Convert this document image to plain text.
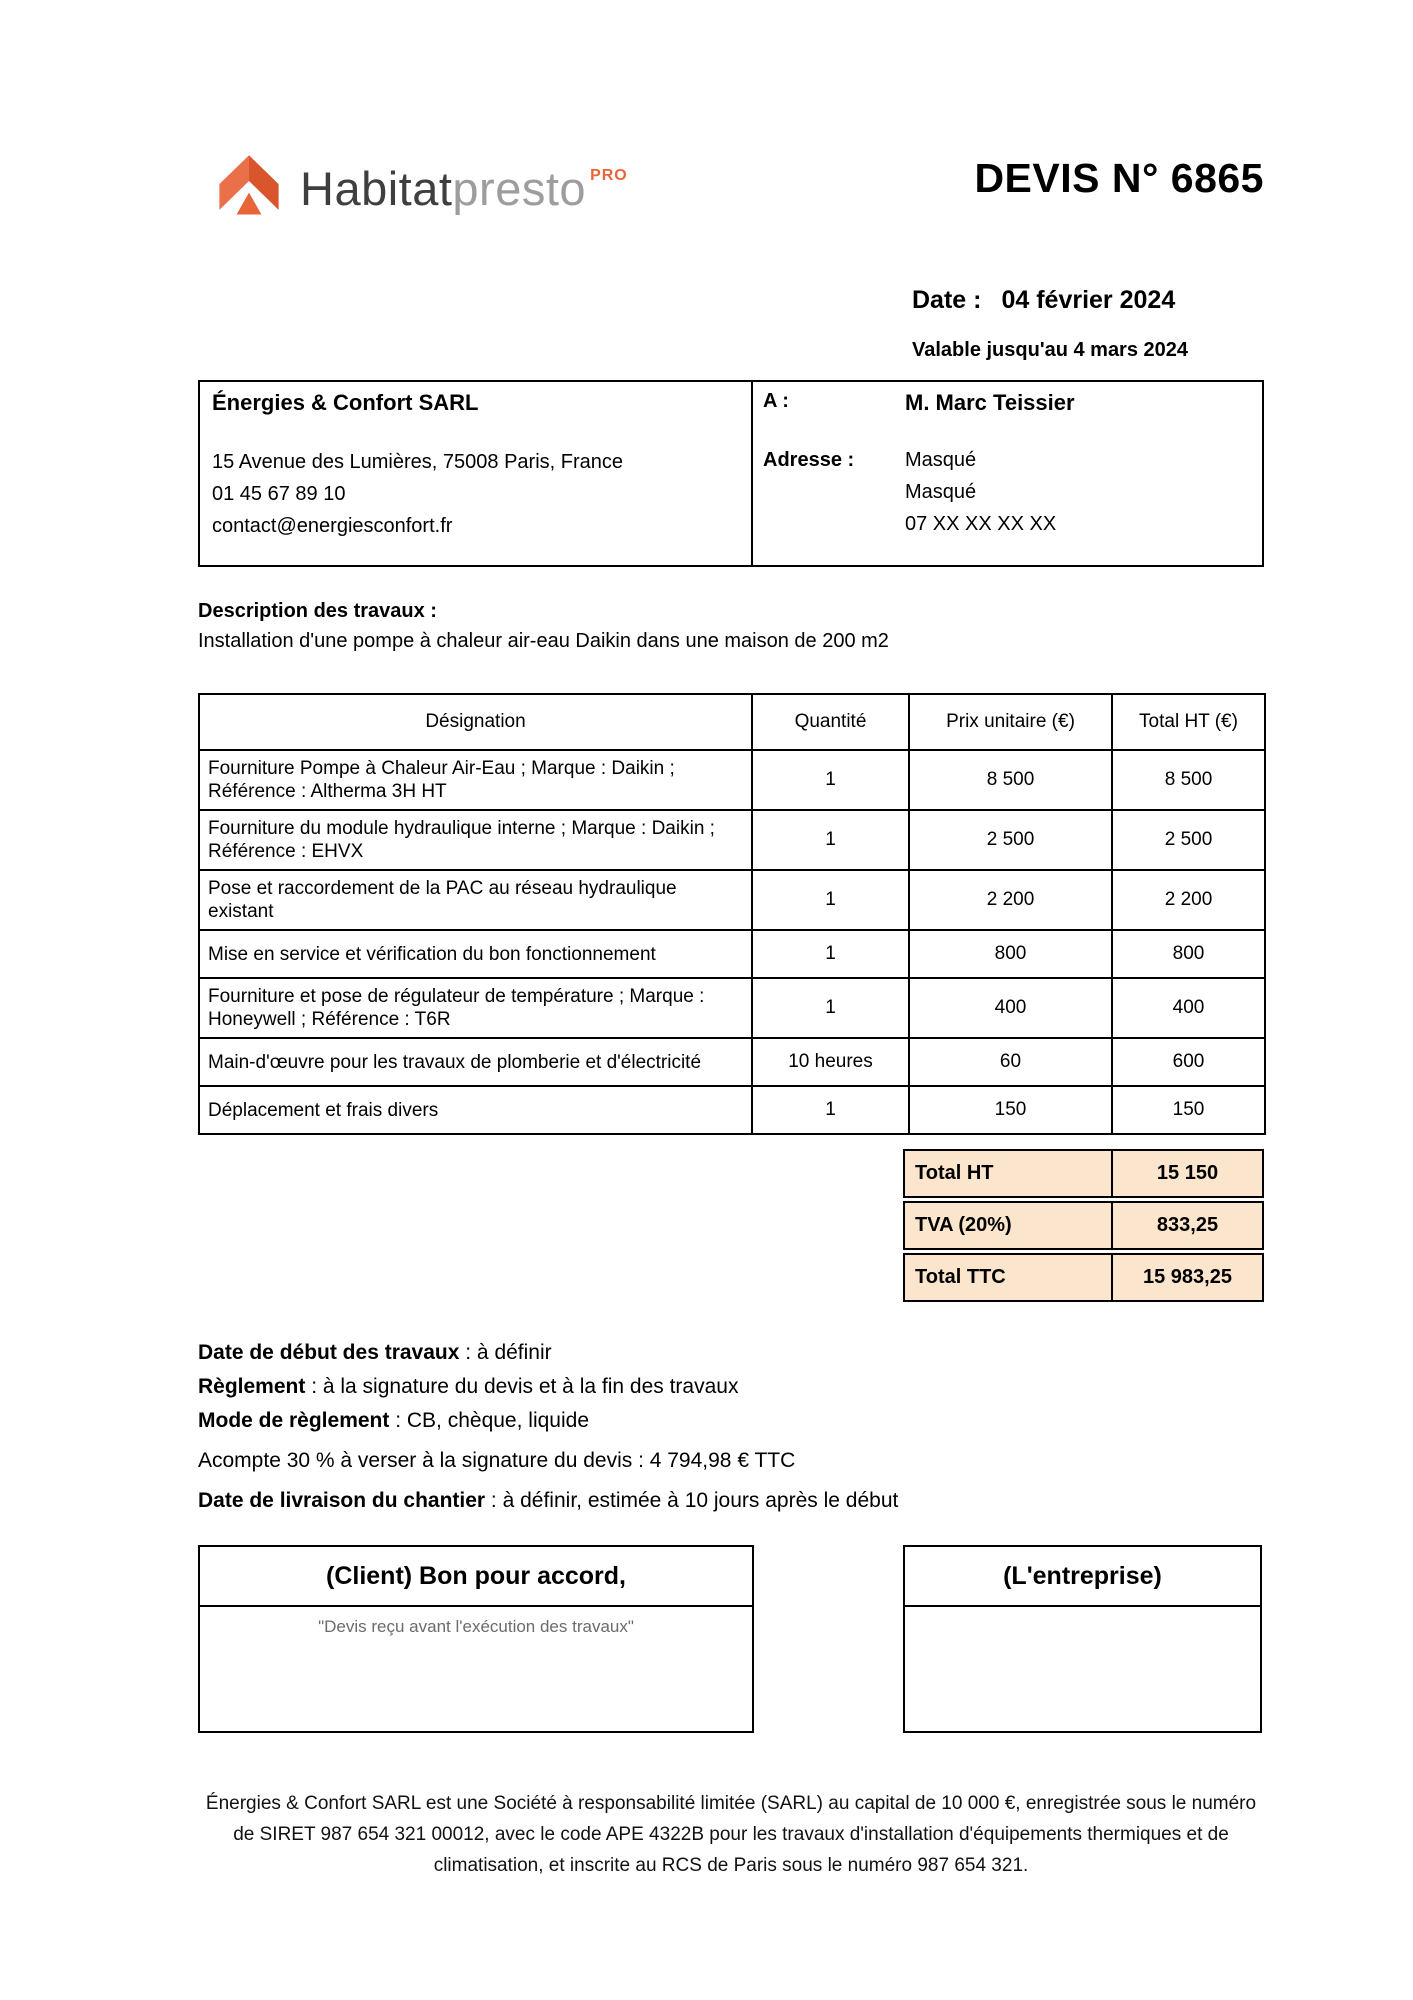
Habitat presto PRO	DEVIS N° 6865
Date : 04 février 2024
Valable jusqu'au 4 mars 2024
Énergies & Confort SARL
15 Avenue des Lumières, 75008 Paris, France
01 45 67 89 10
contact@energiesconfort.fr
A :	M. Marc Teissier
Adresse :	Masqué
Masqué
07 XX XX XX XX
Description des travaux :
Installation d'une pompe à chaleur air-eau Daikin dans une maison de 200 m2
Désignation	Quantité	Prix unitaire (€)	Total HT (€)
Fourniture Pompe à Chaleur Air-Eau ; Marque : Daikin ; Référence : Altherma 3H HT	1	8 500	8 500
Fourniture du module hydraulique interne ; Marque : Daikin ; Référence : EHVX	1	2 500	2 500
Pose et raccordement de la PAC au réseau hydraulique existant	1	2 200	2 200
Mise en service et vérification du bon fonctionnement	1	800	800
Fourniture et pose de régulateur de température ; Marque : Honeywell ; Référence : T6R	1	400	400
Main-d'œuvre pour les travaux de plomberie et d'électricité	10 heures	60	600
Déplacement et frais divers	1	150	150
Total HT	15 150
TVA (20%)	833,25
Total TTC	15 983,25
Date de début des travaux : à définir
Règlement : à la signature du devis et à la fin des travaux
Mode de règlement : CB, chèque, liquide
Acompte 30 % à verser à la signature du devis : 4 794,98 € TTC
Date de livraison du chantier : à définir, estimée à 10 jours après le début
(Client) Bon pour accord,
"Devis reçu avant l'exécution des travaux"
(L'entreprise)
Énergies & Confort SARL est une Société à responsabilité limitée (SARL) au capital de 10 000 €, enregistrée sous le numéro de SIRET 987 654 321 00012, avec le code APE 4322B pour les travaux d'installation d'équipements thermiques et de climatisation, et inscrite au RCS de Paris sous le numéro 987 654 321.
